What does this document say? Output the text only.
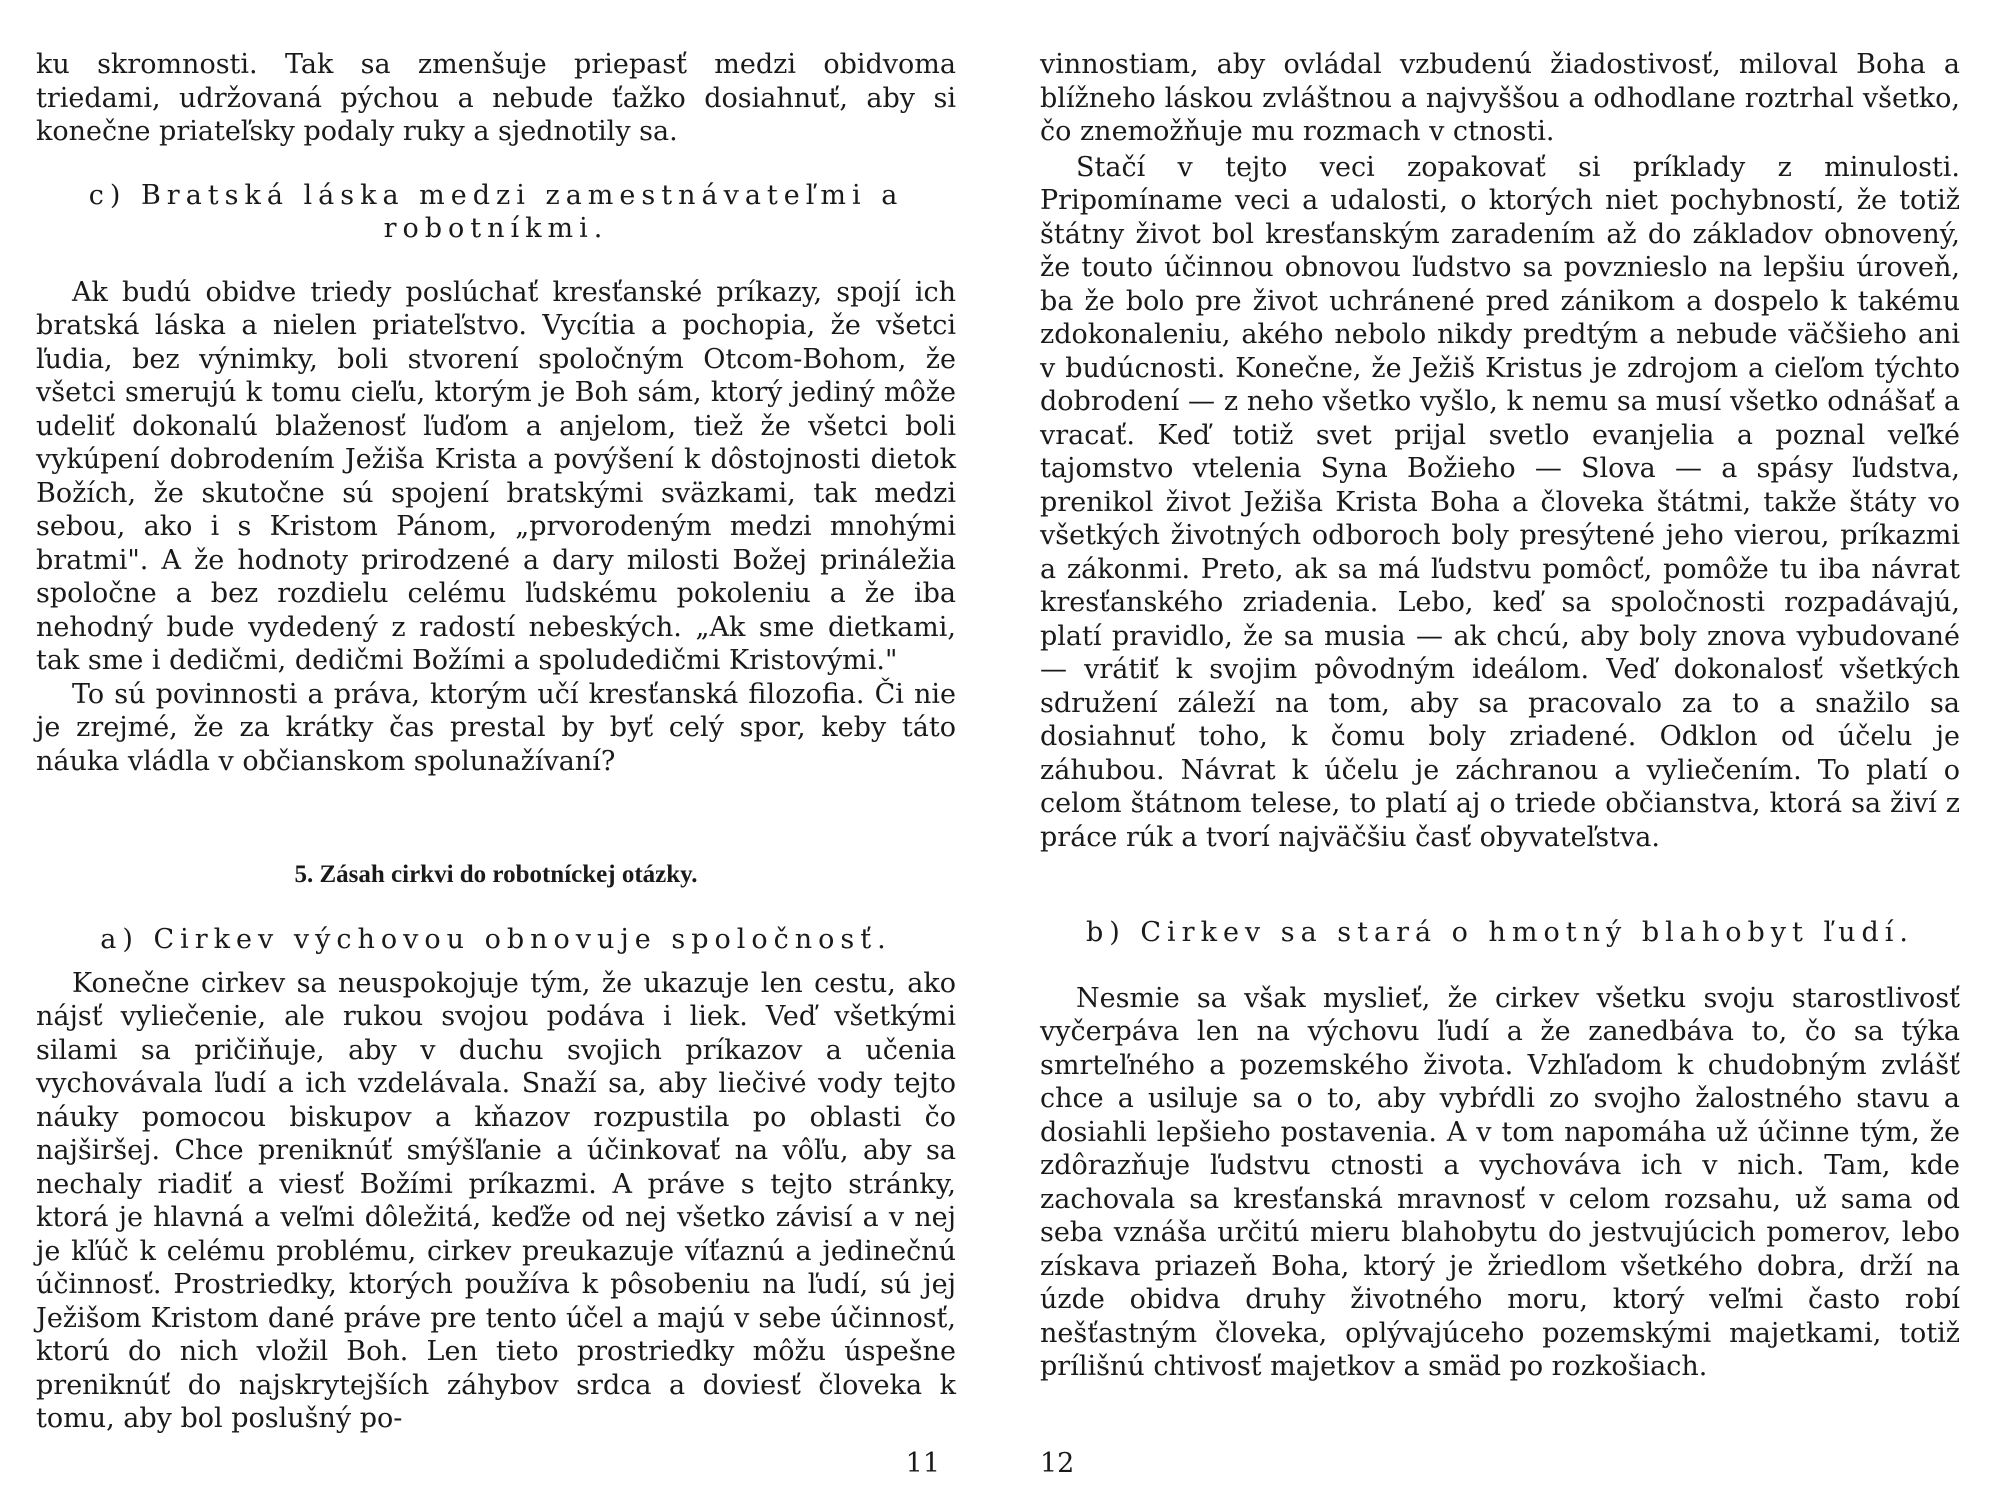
ku skromnosti. Tak sa zmenšuje priepasť medzi obidvoma triedami, udržovaná pýchou a nebude ťažko dosiahnuť, aby si konečne priateľsky podaly ruky a sjednotily sa.

c) Bratská láska medzi zamestnávateľmi a robotníkmi.

Ak budú obidve triedy poslúchať kresťanské príkazy, spojí ich bratská láska a nielen priateľstvo. Vycítia a pochopia, že všetci ľudia, bez výnimky, boli stvorení spoločným Otcom-Bohom, že všetci smerujú k tomu cieľu, ktorým je Boh sám, ktorý jediný môže udeliť dokonalú blaženosť ľuďom a anjelom, tiež že všetci boli vykúpení dobrodením Ježiša Krista a povýšení k dôstojnosti dietok Božích, že skutočne sú spojení bratskými sväzkami, tak medzi sebou, ako i s Kristom Pánom, „prvorodeným medzi mnohými bratmi". A že hodnoty prirodzené a dary milosti Božej prináležia spoločne a bez rozdielu celému ľudskému pokoleniu a že iba nehodný bude vydedený z radostí nebeských. „Ak sme dietkami, tak sme i dedičmi, dedičmi Božími a spoludedičmi Kristovými."

To sú povinnosti a práva, ktorým učí kresťanská filozofia. Či nie je zrejmé, že za krátky čas prestal by byť celý spor, keby táto náuka vládla v občianskom spolunažívaní?

5. Zásah cirkvi do robotníckej otázky.
a) Cirkev výchovou obnovuje spoločnosť.

Konečne cirkev sa neuspokojuje tým, že ukazuje len cestu, ako nájsť vyliečenie, ale rukou svojou podáva i liek. Veď všetkými silami sa pričiňuje, aby v duchu svojich príkazov a učenia vychovávala ľudí a ich vzdelávala. Snaží sa, aby liečivé vody tejto náuky pomocou biskupov a kňazov rozpustila po oblasti čo najširšej. Chce preniknúť smýšľanie a účinkovať na vôľu, aby sa nechaly riadiť a viesť Božími príkazmi. A práve s tejto stránky, ktorá je hlavná a veľmi dôležitá, keďže od nej všetko závisí a v nej je kľúč k celému problému, cirkev preukazuje víťaznú a jedinečnú účinnosť. Prostriedky, ktorých používa k pôsobeniu na ľudí, sú jej Ježišom Kristom dané práve pre tento účel a majú v sebe účinnosť, ktorú do nich vložil Boh. Len tieto prostriedky môžu úspešne preniknúť do najskrytejších záhybov srdca a doviesť človeka k tomu, aby bol poslušný po-

11

vinnostiam, aby ovládal vzbudenú žiadostivosť, miloval Boha a blížneho láskou zvláštnou a najvyššou a odhodlane roztrhal všetko, čo znemožňuje mu rozmach v ctnosti.

Stačí v tejto veci zopakovať si príklady z minulosti. Pripomíname veci a udalosti, o ktorých niet pochybností, že totiž štátny život bol kresťanským zaradením až do základov obnovený, že touto účinnou obnovou ľudstvo sa povznieslo na lepšiu úroveň, ba že bolo pre život uchránené pred zánikom a dospelo k takému zdokonaleniu, akého nebolo nikdy predtým a nebude väčšieho ani v budúcnosti. Konečne, že Ježiš Kristus je zdrojom a cieľom týchto dobrodení — z neho všetko vyšlo, k nemu sa musí všetko odnášať a vracať. Keď totiž svet prijal svetlo evanjelia a poznal veľké tajomstvo vtelenia Syna Božieho — Slova — a spásy ľudstva, prenikol život Ježiša Krista Boha a človeka štátmi, takže štáty vo všetkých životných odboroch boly presýtené jeho vierou, príkazmi a zákonmi. Preto, ak sa má ľudstvu pomôcť, pomôže tu iba návrat kresťanského zriadenia. Lebo, keď sa spoločnosti rozpadávajú, platí pravidlo, že sa musia — ak chcú, aby boly znova vybudované — vrátiť k svojim pôvodným ideálom. Veď dokonalosť všetkých sdružení záleží na tom, aby sa pracovalo za to a snažilo sa dosiahnuť toho, k čomu boly zriadené. Odklon od účelu je záhubou. Návrat k účelu je záchranou a vyliečením. To platí o celom štátnom telese, to platí aj o triede občianstva, ktorá sa živí z práce rúk a tvorí najväčšiu časť obyvateľstva.

b) Cirkev sa stará o hmotný blahobyt ľudí.

Nesmie sa však myslieť, že cirkev všetku svoju starostlivosť vyčerpáva len na výchovu ľudí a že zanedbáva to, čo sa týka smrteľného a pozemského života. Vzhľadom k chudobným zvlášť chce a usiluje sa o to, aby vybŕdli zo svojho žalostného stavu a dosiahli lepšieho postavenia. A v tom napomáha už účinne tým, že zdôrazňuje ľudstvu ctnosti a vychováva ich v nich. Tam, kde zachovala sa kresťanská mravnosť v celom rozsahu, už sama od seba vznáša určitú mieru blahobytu do jestvujúcich pomerov, lebo získava priazeň Boha, ktorý je žriedlom všetkého dobra, drží na úzde obidva druhy životného moru, ktorý veľmi často robí nešťastným človeka, oplývajúceho pozemskými majetkami, totiž prílišnú chtivosť majetkov a smäd po rozkošiach.

12
